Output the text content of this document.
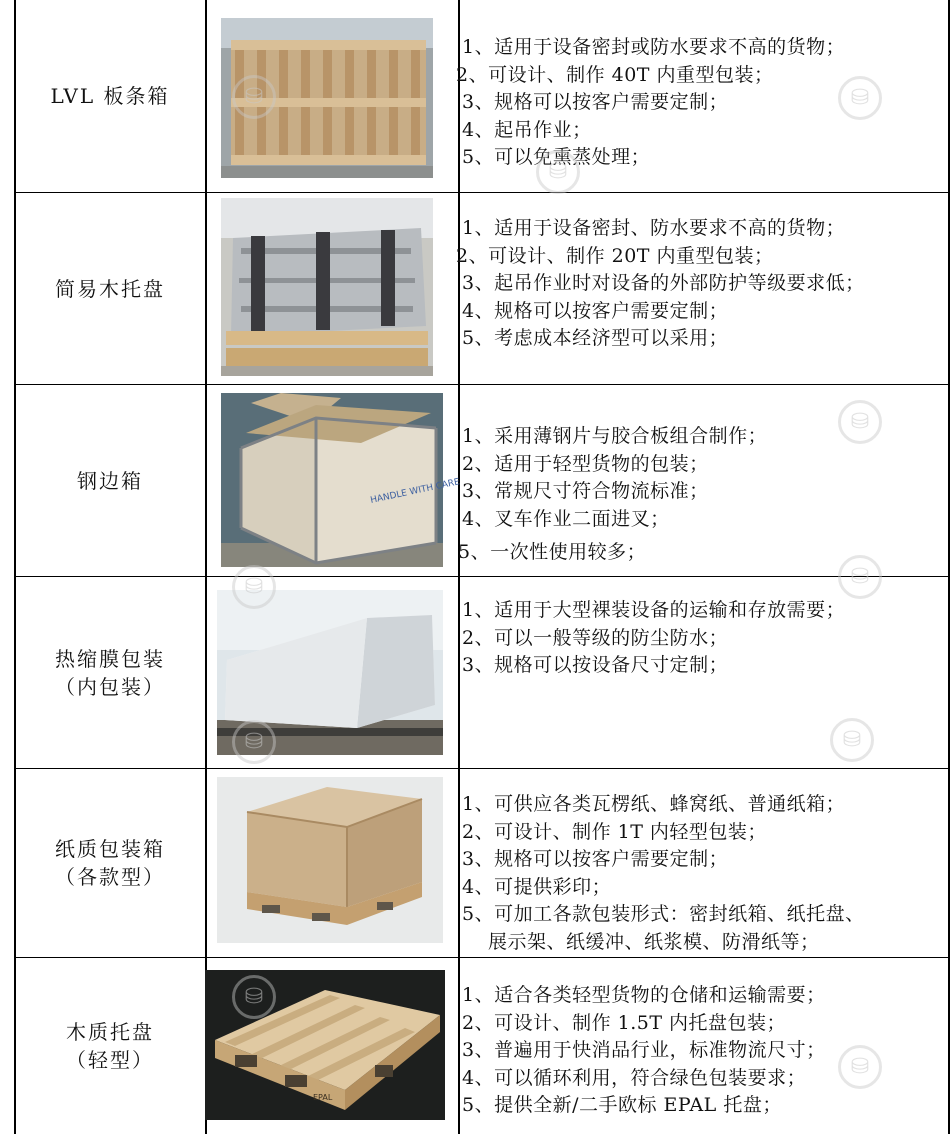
LVL 板条箱
1、适用于设备密封或防水要求不高的货物；
2、可设计、制作 40T 内重型包装；
3、规格可以按客户需要定制；
4、起吊作业；
5、可以免熏蒸处理；
简易木托盘
1、适用于设备密封、防水要求不高的货物；
2、可设计、制作 20T 内重型包装；
3、起吊作业时对设备的外部防护等级要求低；
4、规格可以按客户需要定制；
5、考虑成本经济型可以采用；
钢边箱	HANDLE WITH CARE
1、采用薄钢片与胶合板组合制作；
2、适用于轻型货物的包装；
3、常规尺寸符合物流标准；
4、叉车作业二面进叉；
5、一次性使用较多；
热缩膜包装
（内包装）
1、适用于大型裸装设备的运输和存放需要；
2、可以一般等级的防尘防水；
3、规格可以按设备尺寸定制；
纸质包装箱
（各款型）
1、可供应各类瓦楞纸、蜂窝纸、普通纸箱；
2、可设计、制作 1T 内轻型包装；
3、规格可以按客户需要定制；
4、可提供彩印；
5、可加工各款包装形式：密封纸箱、纸托盘、
　 展示架、纸缓冲、纸浆模、防滑纸等；
木质托盘
（轻型）
EPAL
1、适合各类轻型货物的仓储和运输需要；
2、可设计、制作 1.5T 内托盘包装；
3、普遍用于快消品行业，标准物流尺寸；
4、可以循环利用，符合绿色包装要求；
5、提供全新/二手欧标 EPAL 托盘；
⛁
⛁
⛁
⛁
⛁
⛁
⛁
⛁
⛁
⛁
